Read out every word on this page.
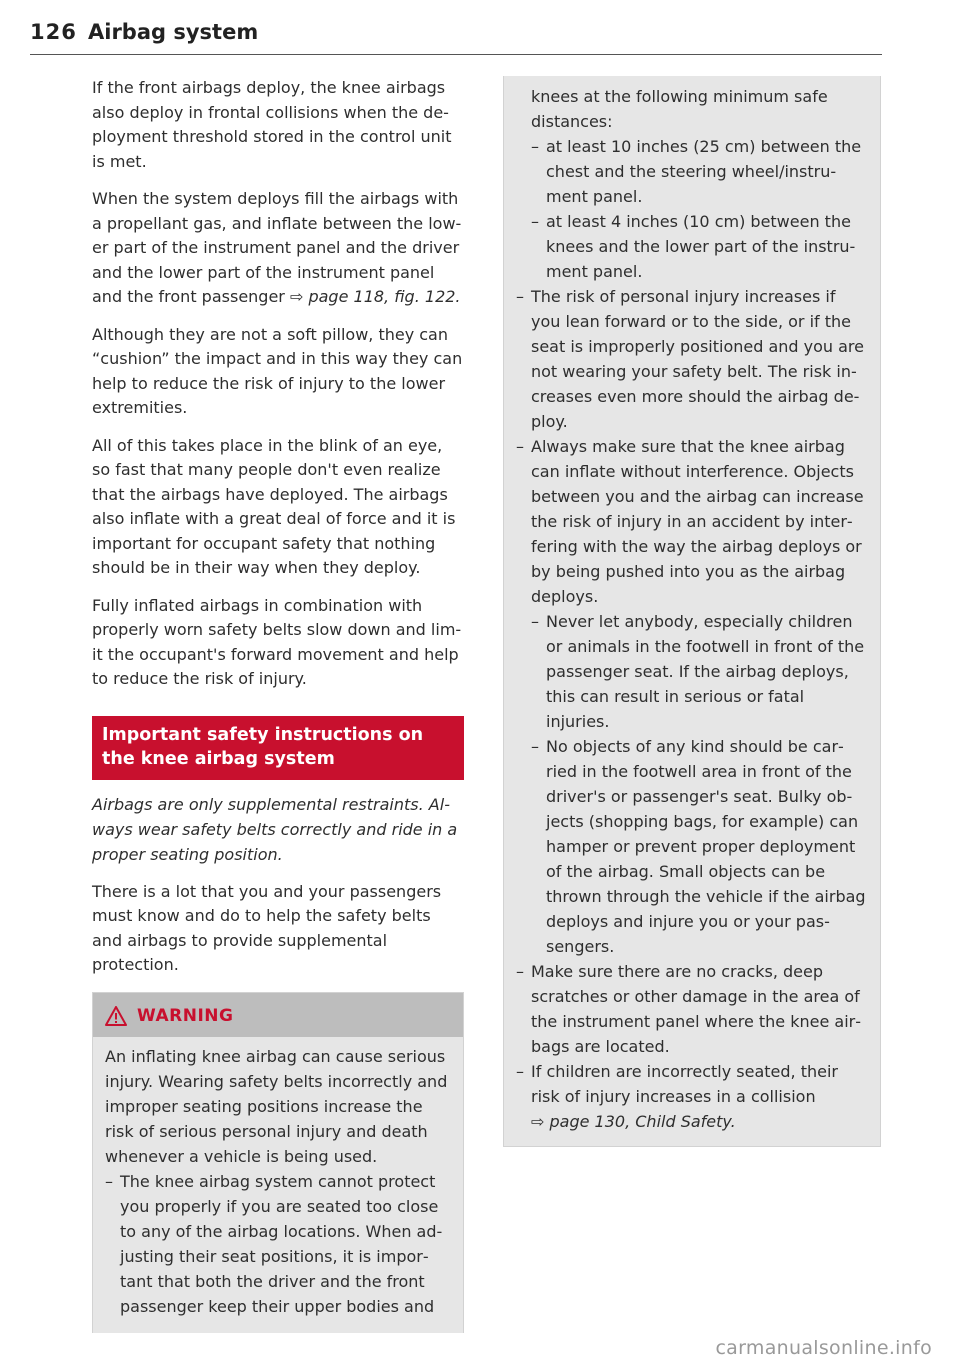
126 Airbag system

If the front airbags deploy, the knee airbags also deploy in frontal collisions when the deployment threshold stored in the control unit is met.

When the system deploys fill the airbags with a propellant gas, and inflate between the lower part of the instrument panel and the driver and the lower part of the instrument panel and the front passenger ⇨ page 118, fig. 122.

Although they are not a soft pillow, they can “cushion” the impact and in this way they can help to reduce the risk of injury to the lower extremities.

All of this takes place in the blink of an eye, so fast that many people don't even realize that the airbags have deployed. The airbags also inflate with a great deal of force and it is important for occupant safety that nothing should be in their way when they deploy.

Fully inflated airbags in combination with properly worn safety belts slow down and limit the occupant's forward movement and help to reduce the risk of injury.

Important safety instructions on the knee airbag system

Airbags are only supplemental restraints. Always wear safety belts correctly and ride in a proper seating position.

There is a lot that you and your passengers must know and do to help the safety belts and airbags to provide supplemental protection.

WARNING

An inflating knee airbag can cause serious injury. Wearing safety belts incorrectly and improper seating positions increase the risk of serious personal injury and death whenever a vehicle is being used.

– The knee airbag system cannot protect you properly if you are seated too close to any of the airbag locations. When adjusting their seat positions, it is important that both the driver and the front passenger keep their upper bodies and

knees at the following minimum safe distances:

– at least 10 inches (25 cm) between the chest and the steering wheel/instrument panel.
– at least 4 inches (10 cm) between the knees and the lower part of the instrument panel.
– The risk of personal injury increases if you lean forward or to the side, or if the seat is improperly positioned and you are not wearing your safety belt. The risk increases even more should the airbag deploy.

– Always make sure that the knee airbag can inflate without interference. Objects between you and the airbag can increase the risk of injury in an accident by interfering with the way the airbag deploys or by being pushed into you as the airbag deploys.

– Never let anybody, especially children or animals in the footwell in front of the passenger seat. If the airbag deploys, this can result in serious or fatal injuries.
– No objects of any kind should be carried in the footwell area in front of the driver's or passenger's seat. Bulky objects (shopping bags, for example) can hamper or prevent proper deployment of the airbag. Small objects can be thrown through the vehicle if the airbag deploys and injure you or your passengers.
– Make sure there are no cracks, deep scratches or other damage in the area of the instrument panel where the knee airbags are located.
– If children are incorrectly seated, their risk of injury increases in a collision
⇨ page 130, Child Safety.
carmanualsonline.info
